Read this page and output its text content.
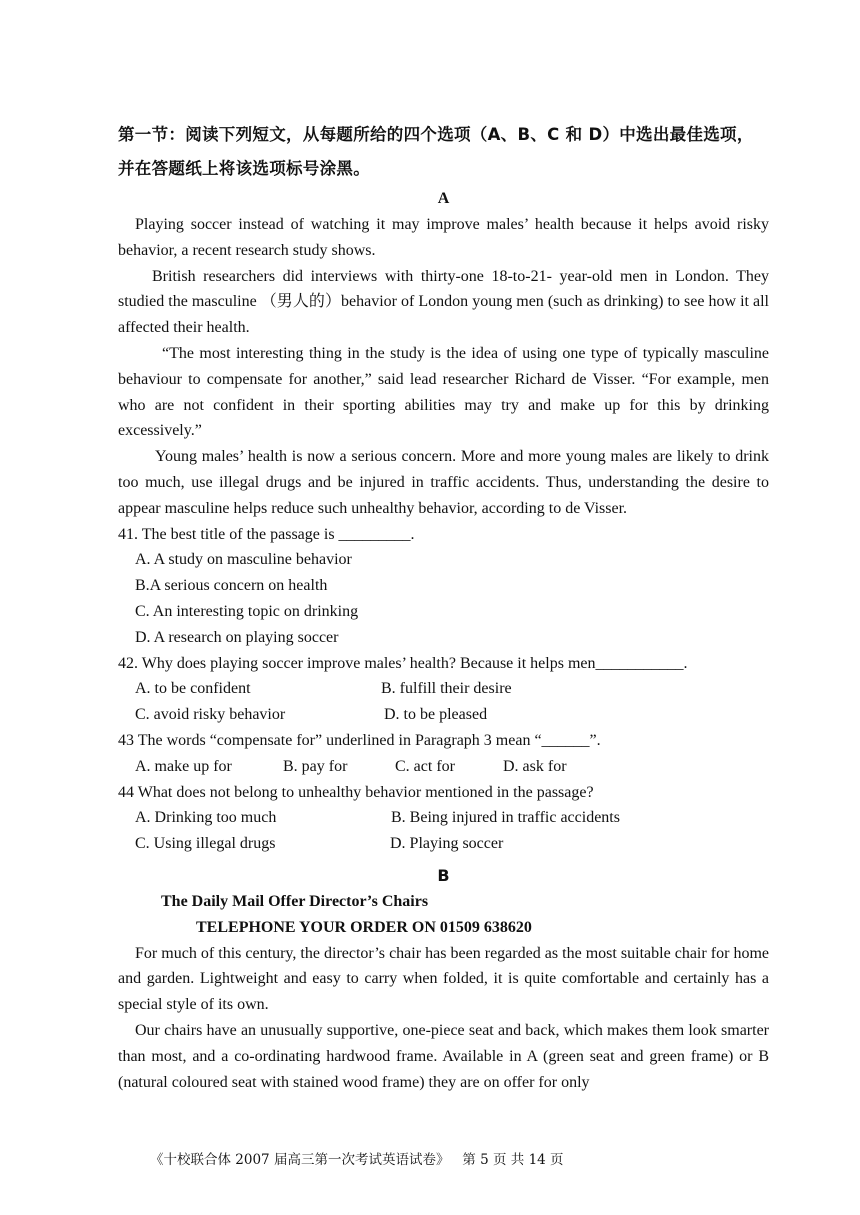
第一节：阅读下列短文，从每题所给的四个选项（A、B、C 和 D）中选出最佳选项，

并在答题纸上将该选项标号涂黑。

A

Playing soccer instead of watching it may improve males’ health because it helps avoid risky behavior, a recent research study shows.

British researchers did interviews with thirty-one 18-to-21- year-old men in London. They studied the masculine （男人的）behavior of London young men (such as drinking) to see how it all affected their health.

“The most interesting thing in the study is the idea of using one type of typically masculine behaviour to compensate for another,” said lead researcher Richard de Visser. “For example, men who are not confident in their sporting abilities may try and make up for this by drinking excessively.”

Young males’ health is now a serious concern. More and more young males are likely to drink too much, use illegal drugs and be injured in traffic accidents. Thus, understanding the desire to appear masculine helps reduce such unhealthy behavior, according to de Visser.

41. The best title of the passage is _________.

A. A study on masculine behavior

B.A serious concern on health

C. An interesting topic on drinking

D. A research on playing soccer

42. Why does playing soccer improve males’ health? Because it helps men___________.

A. to be confident	B. fulfill their desire
C. avoid risky behavior	D. to be pleased

43 The words “compensate for” underlined in Paragraph 3 mean “______”.

A. make up for	B. pay for	C. act for	D. ask for

44 What does not belong to unhealthy behavior mentioned in the passage?

A. Drinking too much	B. Being injured in traffic accidents
C. Using illegal drugs	D. Playing soccer

B

The Daily Mail Offer Director’s Chairs

TELEPHONE YOUR ORDER ON 01509 638620

For much of this century, the director’s chair has been regarded as the most suitable chair for home and garden. Lightweight and easy to carry when folded, it is quite comfortable and certainly has a special style of its own.

Our chairs have an unusually supportive, one-piece seat and back, which makes them look smarter than most, and a co-ordinating hardwood frame. Available in A (green seat and green frame) or B (natural coloured seat with stained wood frame) they are on offer for only

《十校联合体 2007 届高三第一次考试英语试卷》   第 5 页 共 14 页
